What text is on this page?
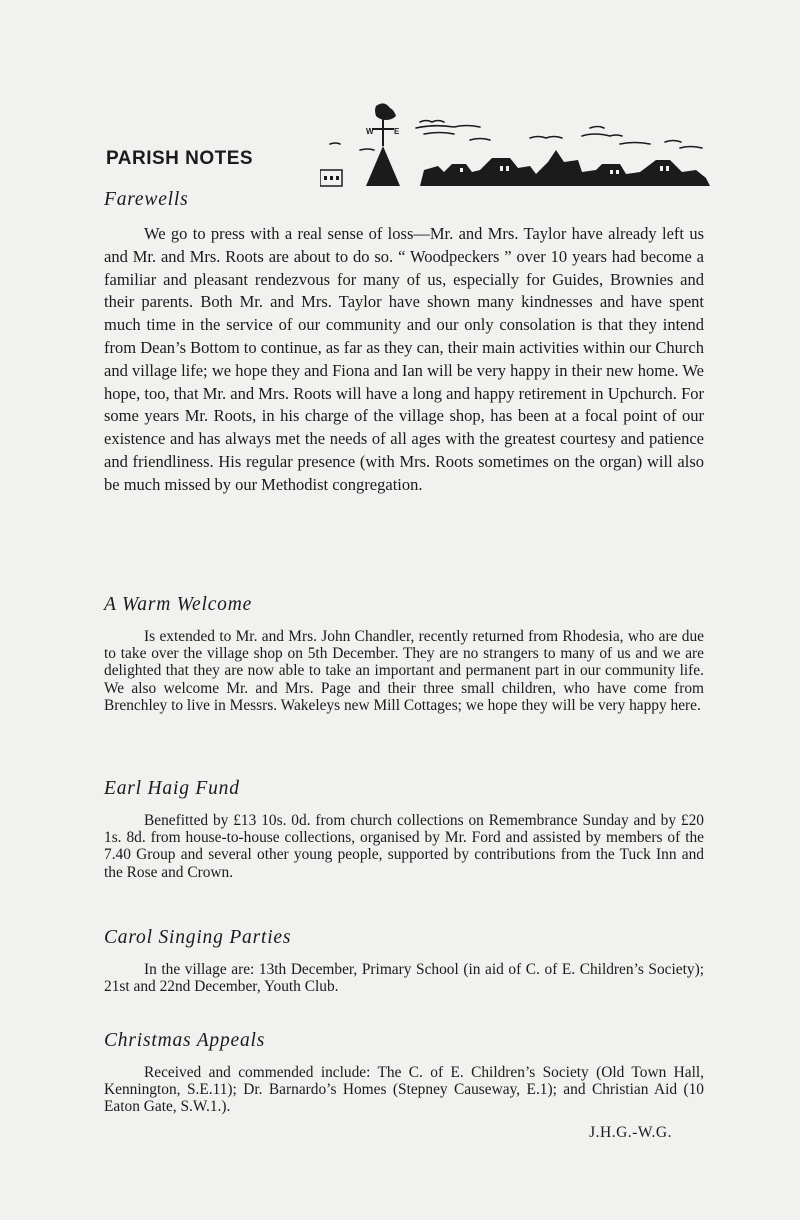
PARISH NOTES
W	E
Farewells
We go to press with a real sense of loss—Mr. and Mrs. Taylor have already left us and Mr. and Mrs. Roots are about to do so. “ Woodpeckers ” over 10 years had become a familiar and pleasant rendezvous for many of us, especially for Guides, Brownies and their parents. Both Mr. and Mrs. Taylor have shown many kindnesses and have spent much time in the service of our community and our only consolation is that they intend from Dean’s Bottom to continue, as far as they can, their main activities within our Church and village life; we hope they and Fiona and Ian will be very happy in their new home. We hope, too, that Mr. and Mrs. Roots will have a long and happy retirement in Upchurch. For some years Mr. Roots, in his charge of the village shop, has been at a focal point of our existence and has always met the needs of all ages with the greatest courtesy and patience and friendliness. His regular presence (with Mrs. Roots sometimes on the organ) will also be much missed by our Methodist congregation.
A Warm Welcome
Is extended to Mr. and Mrs. John Chandler, recently returned from Rhodesia, who are due to take over the village shop on 5th December. They are no strangers to many of us and we are delighted that they are now able to take an important and permanent part in our community life. We also welcome Mr. and Mrs. Page and their three small children, who have come from Brenchley to live in Messrs. Wakeleys new Mill Cottages; we hope they will be very happy here.
Earl Haig Fund
Benefitted by £13 10s. 0d. from church collections on Remembrance Sunday and by £20 1s. 8d. from house-to-house collections, organised by Mr. Ford and assisted by members of the 7.40 Group and several other young people, supported by contributions from the Tuck Inn and the Rose and Crown.
Carol Singing Parties
In the village are: 13th December, Primary School (in aid of C. of E. Children’s Society); 21st and 22nd December, Youth Club.
Christmas Appeals
Received and commended include: The C. of E. Children’s Society (Old Town Hall, Kennington, S.E.11); Dr. Barnardo’s Homes (Stepney Causeway, E.1); and Christian Aid (10 Eaton Gate, S.W.1.).
J.H.G.-W.G.
